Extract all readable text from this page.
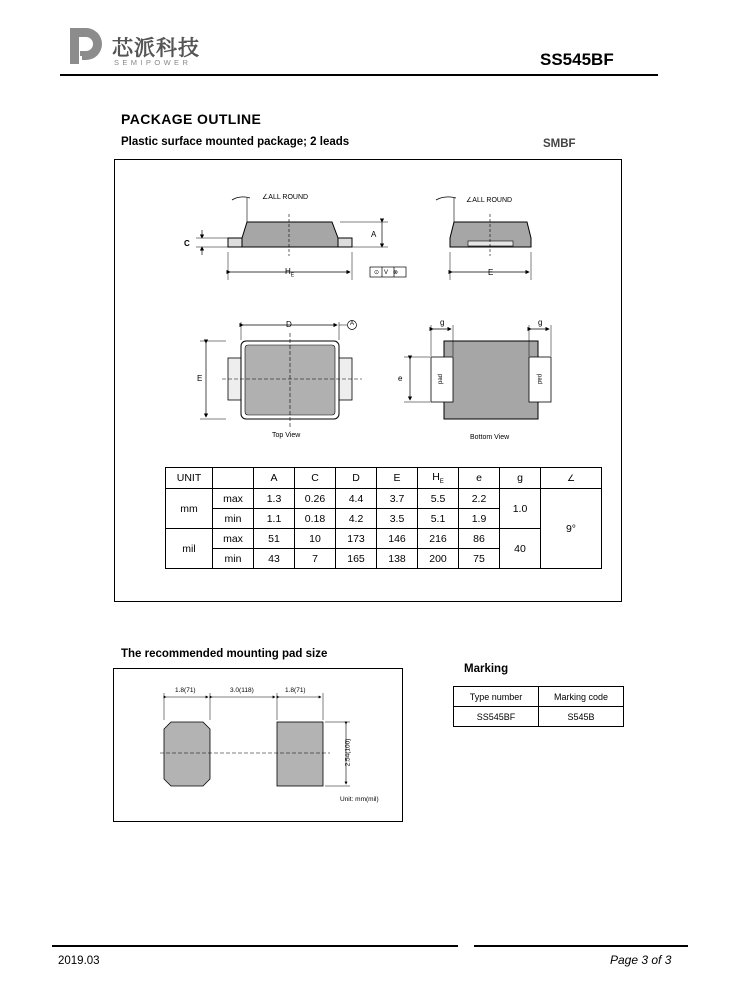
芯派科技
SEMIPOWER	SS545BF
PACKAGE OUTLINE
Plastic surface mounted package; 2 leads	SMBF
∠ALL ROUND	∠ALL ROUND
A
C
$H_E$	⊙V⊗	E
D	A
E
g	g
e	pad	pad
Top View	Bottom View
UNIT		A	C	D	E	$H_E$	e	g	∠
mm	max	1.3	0.26	4.4	3.7	5.5	2.2	1.0	9°
	min	1.1	0.18	4.2	3.5	5.1	1.9		
mil	max	51	10	173	146	216	86	40	
	min	43	7	165	138	200	75		
The recommended mounting pad size
1.8(71)	3.0(118)	1.8(71)
2.54(100)
Unit: mm(mil)
Marking
Type number	Marking code
SS545BF	S545B
2019.03	Page 3 of 3
